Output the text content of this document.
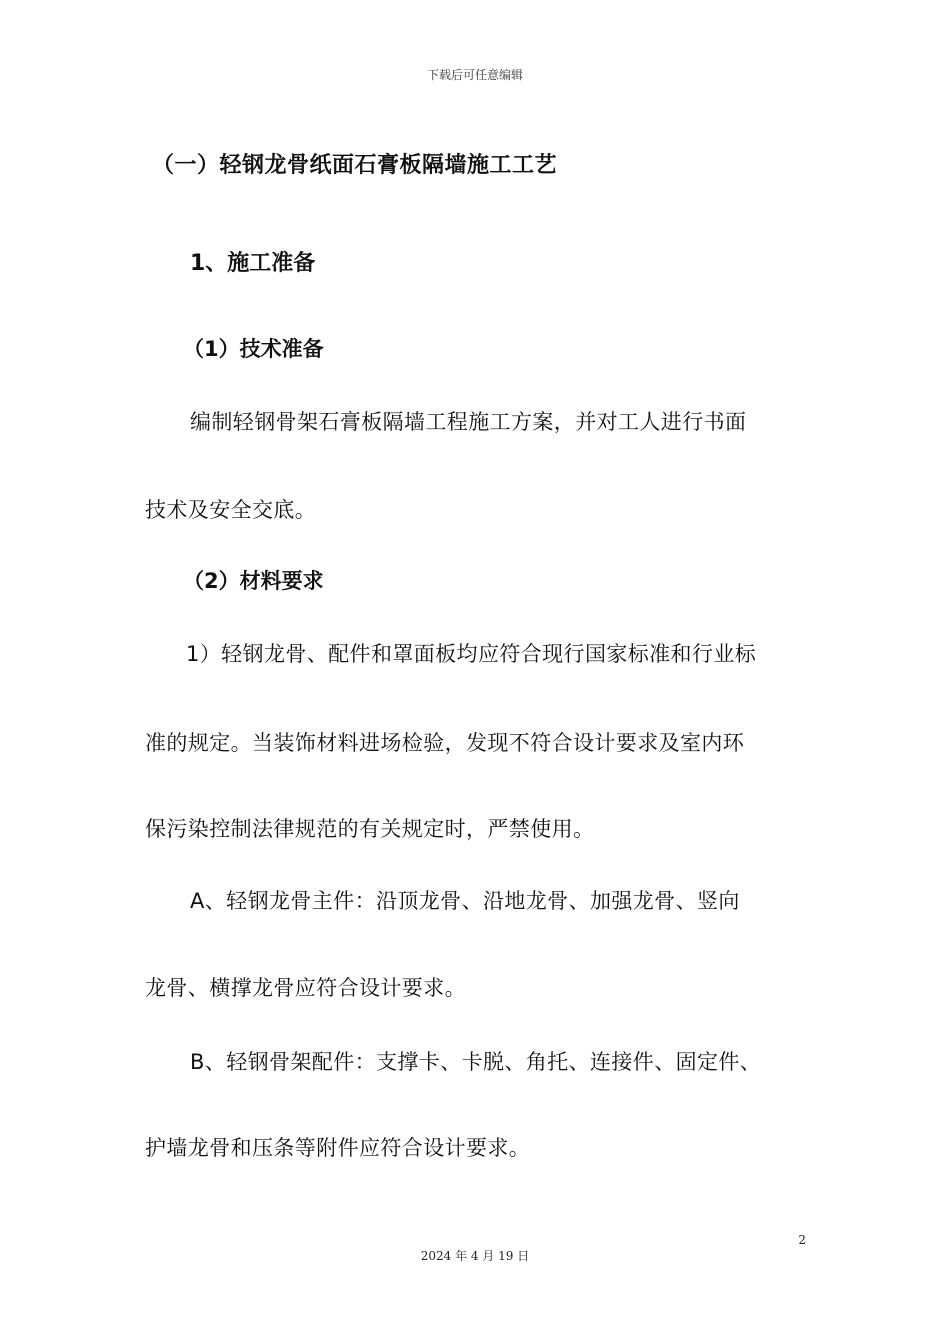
下载后可任意编辑
（一）轻钢龙骨纸面石膏板隔墙施工工艺
1、施工准备
（1）技术准备
编制轻钢骨架石膏板隔墙工程施工方案，并对工人进行书面
技术及安全交底。
（2）材料要求
1）轻钢龙骨、配件和罩面板均应符合现行国家标准和行业标
准的规定。当装饰材料进场检验，发现不符合设计要求及室内环
保污染控制法律规范的有关规定时，严禁使用。
A、轻钢龙骨主件：沿顶龙骨、沿地龙骨、加强龙骨、竖向
龙骨、横撑龙骨应符合设计要求。
B、轻钢骨架配件：支撑卡、卡脱、角托、连接件、固定件、
护墙龙骨和压条等附件应符合设计要求。
2
2024 年 4 月 19 日
